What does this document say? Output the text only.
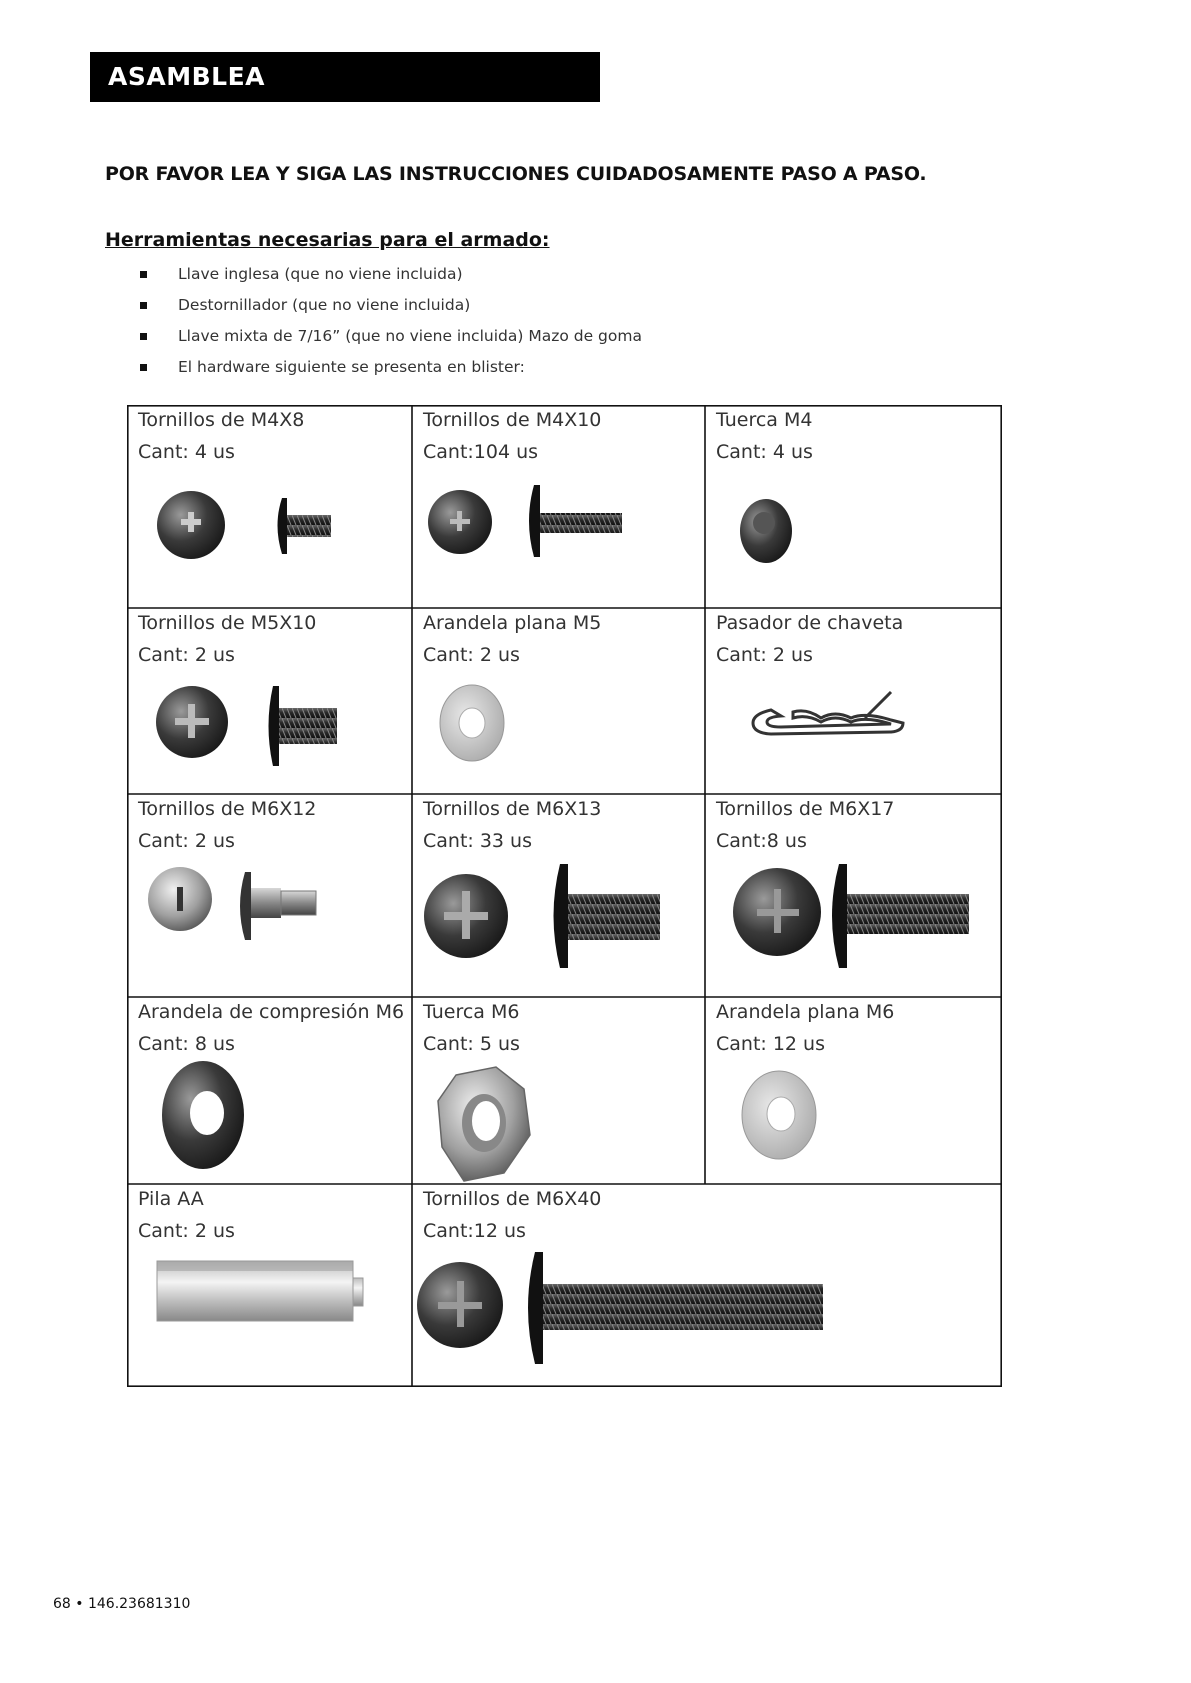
ASAMBLEA
POR FAVOR LEA Y SIGA LAS INSTRUCCIONES CUIDADOSAMENTE PASO A PASO.
Herramientas necesarias para el armado:
Llave inglesa (que no viene incluida)
Destornillador (que no viene incluida)
Llave mixta de 7/16” (que no viene incluida) Mazo de goma
El hardware siguiente se presenta en blister:
Tornillos de M4X8
Cant: 4 us
Tornillos de M4X10
Cant:104 us
Tuerca M4
Cant: 4 us
Tornillos de M5X10
Cant: 2 us
Arandela plana M5
Cant: 2 us
Pasador de chaveta
Cant: 2 us
Tornillos de M6X12
Cant: 2 us
Tornillos de M6X13
Cant: 33 us
Tornillos de M6X17
Cant:8 us
Arandela de compresión M6
Cant: 8 us
Tuerca M6
Cant: 5 us
Arandela plana M6
Cant: 12 us
Pila AA
Cant: 2 us
Tornillos de M6X40
Cant:12 us
68 • 146.23681310
